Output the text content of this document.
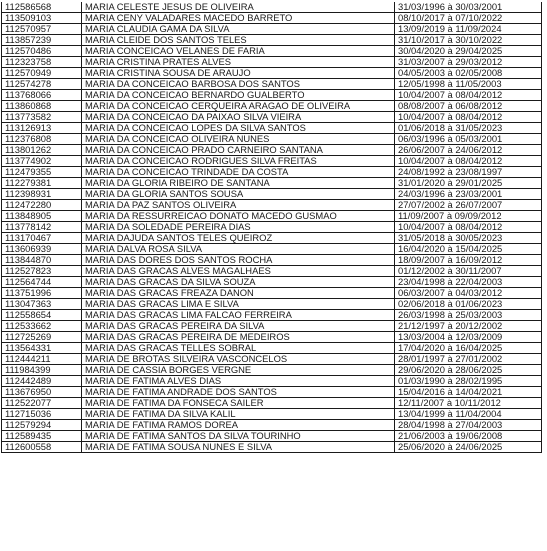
112586568	MARIA CELESTE JESUS DE OLIVEIRA	31/03/1996 à 30/03/2001
113509103	MARIA CENY VALADARES MACEDO BARRETO	08/10/2017 à 07/10/2022
112570957	MARIA CLAUDIA GAMA DA SILVA	13/09/2019 à 11/09/2024
113857239	MARIA CLEIDE DOS SANTOS TELES	31/10/2017 à 30/10/2022
112570486	MARIA CONCEICAO VELANES DE FARIA	30/04/2020 à 29/04/2025
112323758	MARIA CRISTINA PRATES ALVES	31/03/2007 à 29/03/2012
112570949	MARIA CRISTINA SOUSA DE ARAUJO	04/05/2003 à 02/05/2008
112574278	MARIA DA CONCEICAO BARBOSA DOS SANTOS	12/05/1998 à 11/05/2003
113768066	MARIA DA CONCEICAO BERNARDO GUALBERTO	10/04/2007 à 08/04/2012
113860868	MARIA DA CONCEICAO CERQUEIRA ARAGAO DE OLIVEIRA	08/08/2007 à 06/08/2012
113773582	MARIA DA CONCEICAO DA PAIXAO SILVA VIEIRA	10/04/2007 à 08/04/2012
113126913	MARIA DA CONCEICAO LOPES DA SILVA SANTOS	01/06/2018 à 31/05/2023
112376808	MARIA DA CONCEICAO OLIVEIRA NUNES	06/03/1996 à 05/03/2001
113801262	MARIA DA CONCEICAO PRADO CARNEIRO SANTANA	26/06/2007 à 24/06/2012
113774902	MARIA DA CONCEICAO RODRIGUES SILVA FREITAS	10/04/2007 à 08/04/2012
112479355	MARIA DA CONCEICAO TRINDADE DA COSTA	24/08/1992 à 23/08/1997
112279381	MARIA DA GLORIA RIBEIRO DE SANTANA	31/01/2020 à 29/01/2025
112398931	MARIA DA GLORIA SANTOS SOUSA	24/03/1996 à 23/03/2001
112472280	MARIA DA PAZ SANTOS OLIVEIRA	27/07/2002 à 26/07/2007
113848905	MARIA DA RESSURREICAO DONATO MACEDO GUSMAO	11/09/2007 à 09/09/2012
113778142	MARIA DA SOLEDADE PEREIRA DIAS	10/04/2007 à 08/04/2012
113170467	MARIA DAJUDA SANTOS TELES QUEIROZ	31/05/2018 à 30/05/2023
113606939	MARIA DALVA ROSA SILVA	16/04/2020 à 15/04/2025
113844870	MARIA DAS DORES DOS SANTOS ROCHA	18/09/2007 à 16/09/2012
112527823	MARIA DAS GRACAS ALVES MAGALHAES	01/12/2002 à 30/11/2007
112564744	MARIA DAS GRACAS DA SILVA SOUZA	23/04/1998 à 22/04/2003
113751996	MARIA DAS GRACAS FREAZA DANON	06/03/2007 à 04/03/2012
113047363	MARIA DAS GRACAS LIMA E SILVA	02/06/2018 à 01/06/2023
112558654	MARIA DAS GRACAS LIMA FALCAO FERREIRA	26/03/1998 à 25/03/2003
112533662	MARIA DAS GRACAS PEREIRA DA SILVA	21/12/1997 à 20/12/2002
112725269	MARIA DAS GRACAS PEREIRA DE MEDEIROS	13/03/2004 à 12/03/2009
113564331	MARIA DAS GRACAS TELLES SOBRAL	17/04/2020 à 16/04/2025
112444211	MARIA DE BROTAS SILVEIRA VASCONCELOS	28/01/1997 à 27/01/2002
111984399	MARIA DE CASSIA BORGES VERGNE	29/06/2020 à 28/06/2025
112442489	MARIA DE FATIMA ALVES DIAS	01/03/1990 à 28/02/1995
113676950	MARIA DE FATIMA ANDRADE DOS SANTOS	15/04/2016 à 14/04/2021
112522077	MARIA DE FATIMA DA FONSECA SAILER	12/11/2007 à 10/11/2012
112715036	MARIA DE FATIMA DA SILVA KALIL	13/04/1999 à 11/04/2004
112579294	MARIA DE FATIMA RAMOS DOREA	28/04/1998 à 27/04/2003
112589435	MARIA DE FATIMA SANTOS DA SILVA TOURINHO	21/06/2003 à 19/06/2008
112600558	MARIA DE FATIMA SOUSA NUNES E SILVA	25/06/2020 à 24/06/2025
